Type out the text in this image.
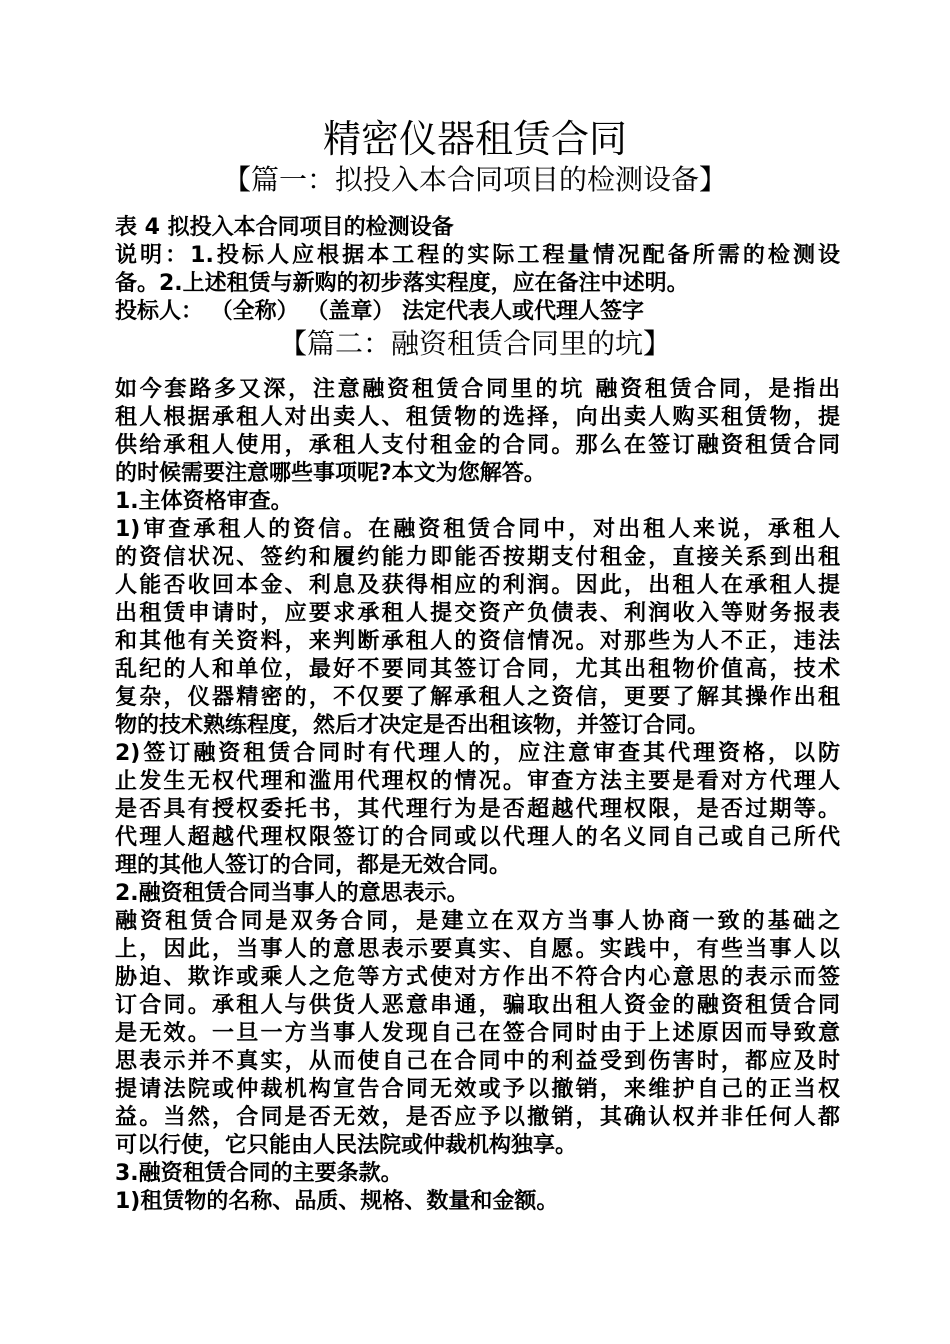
精密仪器租赁合同
【篇一：拟投入本合同项目的检测设备】
表 4 拟投入本合同项目的检测设备
说明：1.投标人应根据本工程的实际工程量情况配备所需的检测设
备。2.上述租赁与新购的初步落实程度，应在备注中述明。
投标人： （全称） （盖章） 法定代表人或代理人签字
【篇二：融资租赁合同里的坑】
如今套路多又深，注意融资租赁合同里的坑 融资租赁合同，是指出
租人根据承租人对出卖人、租赁物的选择，向出卖人购买租赁物，提
供给承租人使用，承租人支付租金的合同。那么在签订融资租赁合同
的时候需要注意哪些事项呢?本文为您解答。
1.主体资格审查。
1)审查承租人的资信。在融资租赁合同中，对出租人来说，承租人
的资信状况、签约和履约能力即能否按期支付租金，直接关系到出租
人能否收回本金、利息及获得相应的利润。因此，出租人在承租人提
出租赁申请时，应要求承租人提交资产负债表、利润收入等财务报表
和其他有关资料，来判断承租人的资信情况。对那些为人不正，违法
乱纪的人和单位，最好不要同其签订合同，尤其出租物价值高，技术
复杂，仪器精密的，不仅要了解承租人之资信，更要了解其操作出租
物的技术熟练程度，然后才决定是否出租该物，并签订合同。
2)签订融资租赁合同时有代理人的，应注意审查其代理资格，以防
止发生无权代理和滥用代理权的情况。审查方法主要是看对方代理人
是否具有授权委托书，其代理行为是否超越代理权限，是否过期等。
代理人超越代理权限签订的合同或以代理人的名义同自己或自己所代
理的其他人签订的合同，都是无效合同。
2.融资租赁合同当事人的意思表示。
融资租赁合同是双务合同，是建立在双方当事人协商一致的基础之
上，因此，当事人的意思表示要真实、自愿。实践中，有些当事人以
胁迫、欺诈或乘人之危等方式使对方作出不符合内心意思的表示而签
订合同。承租人与供货人恶意串通，骗取出租人资金的融资租赁合同
是无效。一旦一方当事人发现自己在签合同时由于上述原因而导致意
思表示并不真实，从而使自己在合同中的利益受到伤害时，都应及时
提请法院或仲裁机构宣告合同无效或予以撤销，来维护自己的正当权
益。当然，合同是否无效，是否应予以撤销，其确认权并非任何人都
可以行使，它只能由人民法院或仲裁机构独享。
3.融资租赁合同的主要条款。
1)租赁物的名称、品质、规格、数量和金额。
